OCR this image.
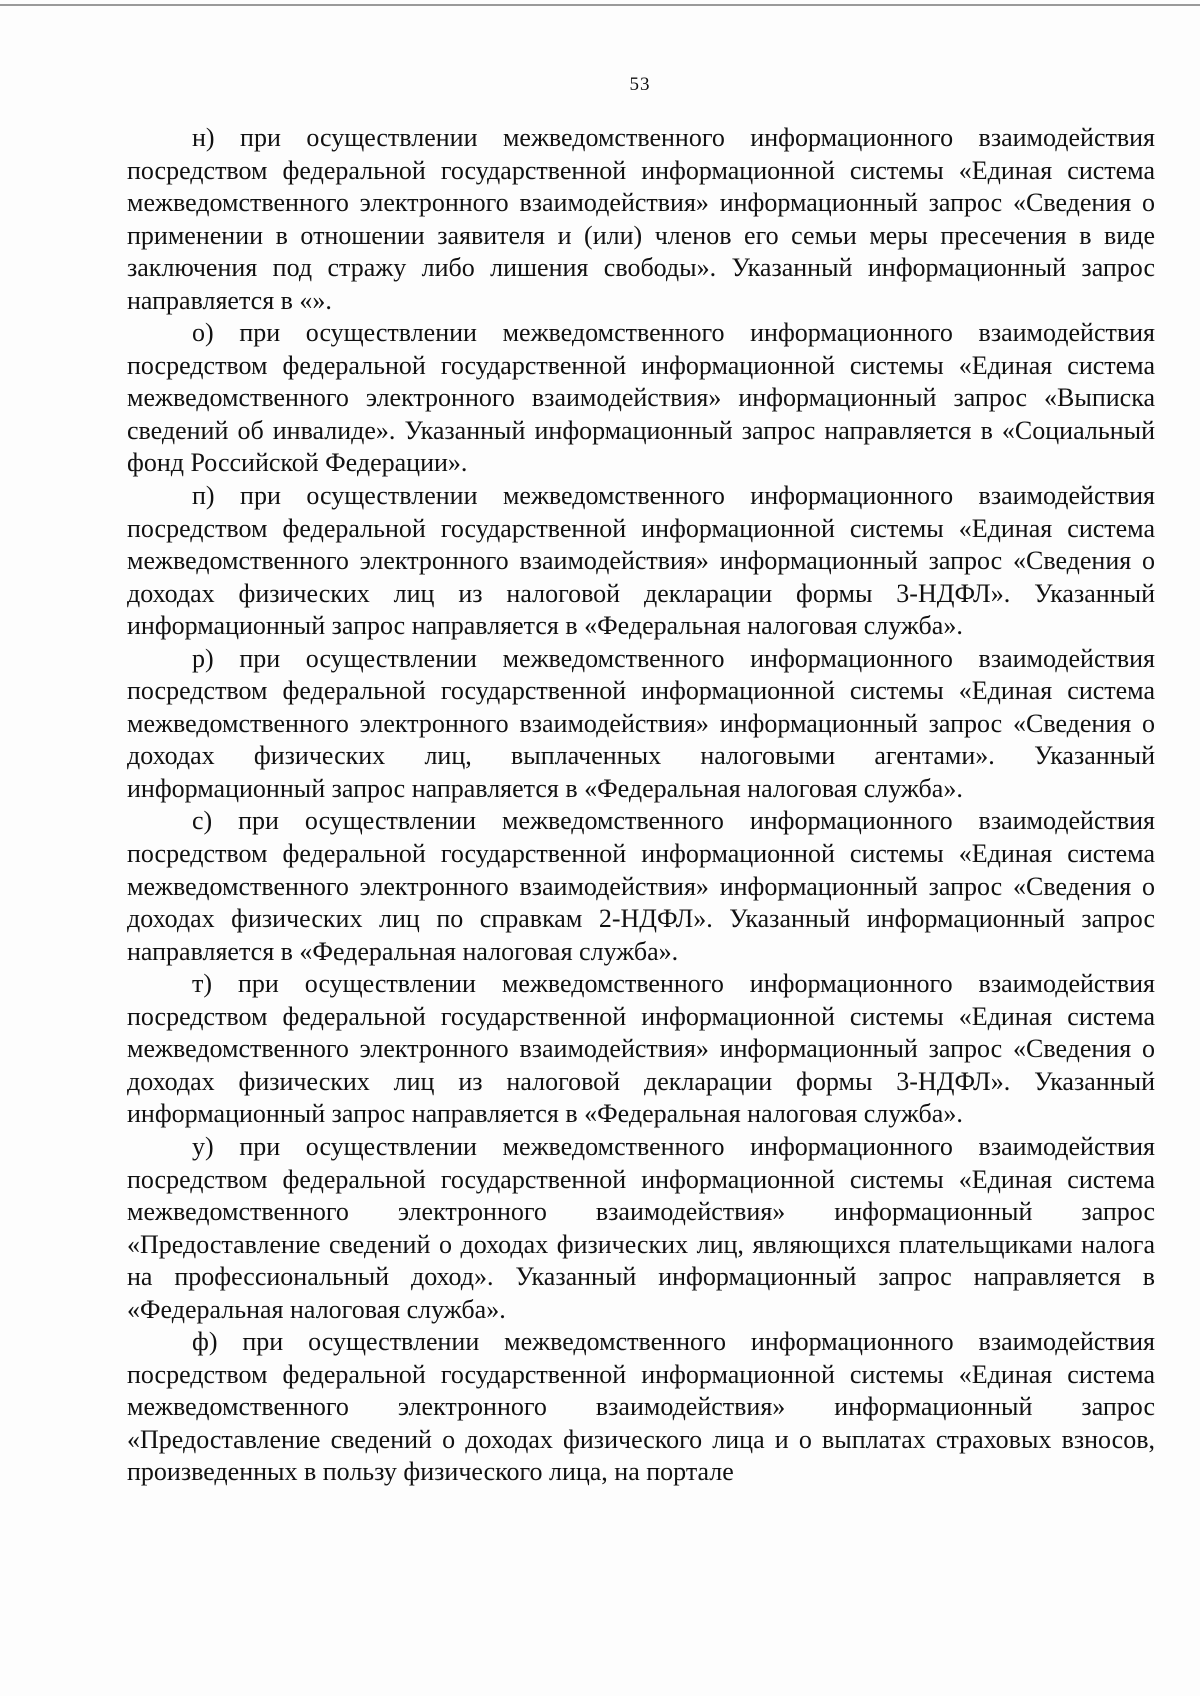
53

н) при осуществлении межведомственного информационного взаимодействия посредством федеральной государственной информационной системы «Единая система межведомственного электронного взаимодействия» информационный запрос «Сведения о применении в отношении заявителя и (или) членов его семьи меры пресечения в виде заключения под стражу либо лишения свободы». Указанный информационный запрос направляется в «».

о) при осуществлении межведомственного информационного взаимодействия посредством федеральной государственной информационной системы «Единая система межведомственного электронного взаимодействия» информационный запрос «Выписка сведений об инвалиде». Указанный информационный запрос направляется в «Социальный фонд Российской Федерации».

п) при осуществлении межведомственного информационного взаимодействия посредством федеральной государственной информационной системы «Единая система межведомственного электронного взаимодействия» информационный запрос «Сведения о доходах физических лиц из налоговой декларации формы 3-НДФЛ». Указанный информационный запрос направляется в «Федеральная налоговая служба».

р) при осуществлении межведомственного информационного взаимодействия посредством федеральной государственной информационной системы «Единая система межведомственного электронного взаимодействия» информационный запрос «Сведения о доходах физических лиц, выплаченных налоговыми агентами». Указанный информационный запрос направляется в «Федеральная налоговая служба».

с) при осуществлении межведомственного информационного взаимодействия посредством федеральной государственной информационной системы «Единая система межведомственного электронного взаимодействия» информационный запрос «Сведения о доходах физических лиц по справкам 2-НДФЛ». Указанный информационный запрос направляется в «Федеральная налоговая служба».

т) при осуществлении межведомственного информационного взаимодействия посредством федеральной государственной информационной системы «Единая система межведомственного электронного взаимодействия» информационный запрос «Сведения о доходах физических лиц из налоговой декларации формы 3-НДФЛ». Указанный информационный запрос направляется в «Федеральная налоговая служба».

у) при осуществлении межведомственного информационного взаимодействия посредством федеральной государственной информационной системы «Единая система межведомственного электронного взаимодействия» информационный запрос «Предоставление сведений о доходах физических лиц, являющихся плательщиками налога на профессиональный доход». Указанный информационный запрос направляется в «Федеральная налоговая служба».

ф) при осуществлении межведомственного информационного взаимодействия посредством федеральной государственной информационной системы «Единая система межведомственного электронного взаимодействия» информационный запрос «Предоставление сведений о доходах физического лица и о выплатах страховых взносов, произведенных в пользу физического лица, на портале
